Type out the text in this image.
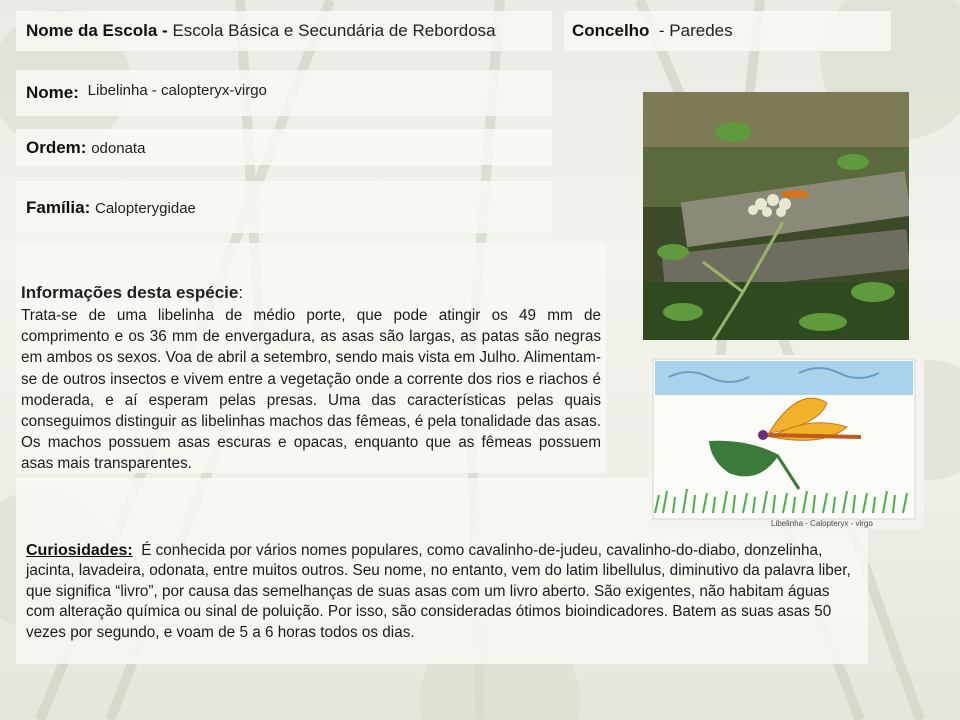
Nome da Escola - Escola Básica e Secundária de Rebordosa	Concelho  - Paredes
Nome: Libelinha - calopteryx-virgo
Ordem: odonata
Família: Calopterygidae
Informações desta espécie:
Trata-se de uma libelinha de médio porte, que pode atingir os 49 mm de comprimento e os 36 mm de envergadura, as asas são largas, as patas são negras em ambos os sexos. Voa de abril a setembro, sendo mais vista em Julho. Alimentam-se de outros insectos e vivem entre a vegetação onde a corrente dos rios e riachos é moderada, e aí esperam pelas presas. Uma das características pelas quais conseguimos distinguir as libelinhas machos das fêmeas, é pela tonalidade das asas. Os machos possuem asas escuras e opacas, enquanto que as fêmeas possuem asas mais transparentes.
Curiosidades: É conhecida por vários nomes populares, como cavalinho-de-judeu, cavalinho-do-diabo, donzelinha, jacinta, lavadeira, odonata, entre muitos outros. Seu nome, no entanto, vem do latim libellulus, diminutivo da palavra liber, que significa “livro”, por causa das semelhanças de suas asas com um livro aberto. São exigentes, não habitam águas com alteração química ou sinal de poluição. Por isso, são consideradas ótimos bioindicadores. Batem as suas asas 50 vezes por segundo, e voam de 5 a 6 horas todos os dias.
Libelinha - Calopteryx - virgo
